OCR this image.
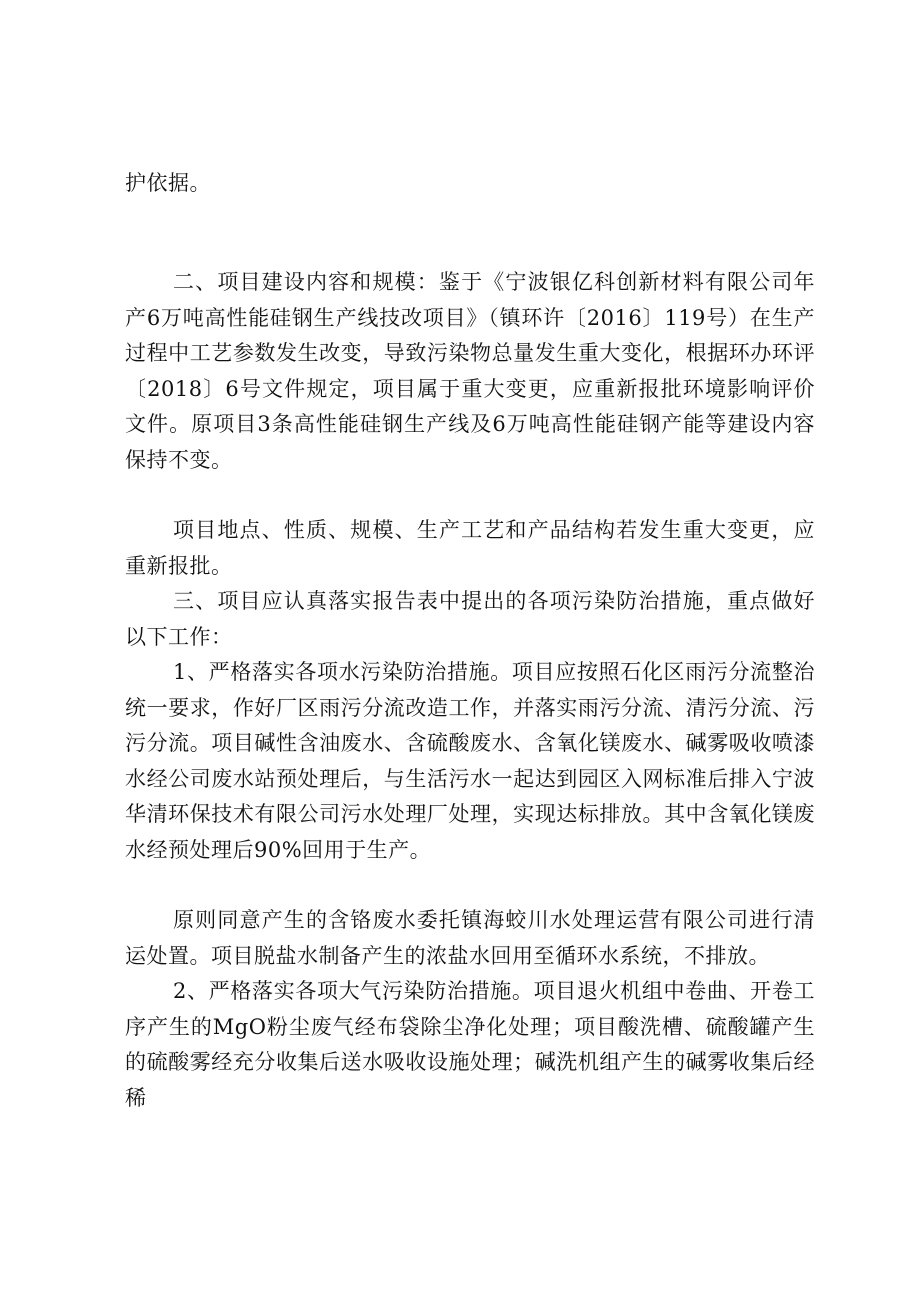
护依据。

二、项目建设内容和规模：鉴于《宁波银亿科创新材料有限公司年产6万吨高性能硅钢生产线技改项目》（镇环许〔2016〕119号）在生产过程中工艺参数发生改变，导致污染物总量发生重大变化，根据环办环评〔2018〕6号文件规定，项目属于重大变更，应重新报批环境影响评价文件。原项目3条高性能硅钢生产线及6万吨高性能硅钢产能等建设内容保持不变。

项目地点、性质、规模、生产工艺和产品结构若发生重大变更，应重新报批。

三、项目应认真落实报告表中提出的各项污染防治措施，重点做好以下工作：

1、严格落实各项水污染防治措施。项目应按照石化区雨污分流整治统一要求，作好厂区雨污分流改造工作，并落实雨污分流、清污分流、污污分流。项目碱性含油废水、含硫酸废水、含氧化镁废水、碱雾吸收喷漆水经公司废水站预处理后，与生活污水一起达到园区入网标准后排入宁波华清环保技术有限公司污水处理厂处理，实现达标排放。其中含氧化镁废水经预处理后90%回用于生产。

原则同意产生的含铬废水委托镇海蛟川水处理运营有限公司进行清运处置。项目脱盐水制备产生的浓盐水回用至循环水系统，不排放。

2、严格落实各项大气污染防治措施。项目退火机组中卷曲、开卷工序产生的MgO粉尘废气经布袋除尘净化处理；项目酸洗槽、硫酸罐产生的硫酸雾经充分收集后送水吸收设施处理；碱洗机组产生的碱雾收集后经稀
